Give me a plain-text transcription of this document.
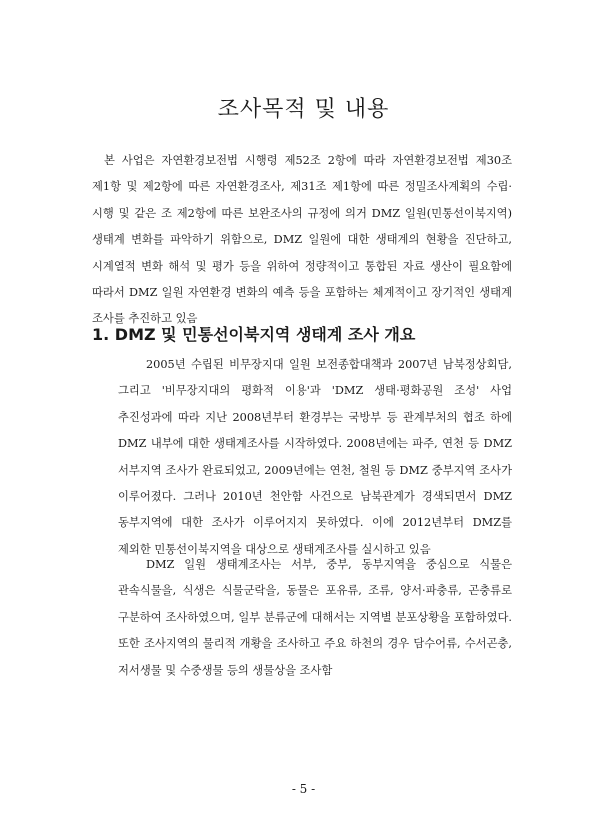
조사목적 및 내용
본 사업은 자연환경보전법 시행령 제52조 2항에 따라 자연환경보전법 제30조 제1항 및 제2항에 따른 자연환경조사, 제31조 제1항에 따른 정밀조사계획의 수립·시행 및 같은 조 제2항에 따른 보완조사의 규정에 의거 DMZ 일원(민통선이북지역) 생태계 변화를 파악하기 위함으로, DMZ 일원에 대한 생태계의 현황을 진단하고, 시계열적 변화 해석 및 평가 등을 위하여 정량적이고 통합된 자료 생산이 필요함에 따라서 DMZ 일원 자연환경 변화의 예측 등을 포함하는 체계적이고 장기적인 생태계 조사를 추진하고 있음
1. DMZ 및 민통선이북지역 생태계 조사 개요
2005년 수립된 비무장지대 일원 보전종합대책과 2007년 남북정상회담, 그리고 '비무장지대의 평화적 이용'과 'DMZ 생태·평화공원 조성' 사업 추진성과에 따라 지난 2008년부터 환경부는 국방부 등 관계부처의 협조 하에 DMZ 내부에 대한 생태계조사를 시작하였다. 2008년에는 파주, 연천 등 DMZ 서부지역 조사가 완료되었고, 2009년에는 연천, 철원 등 DMZ 중부지역 조사가 이루어졌다. 그러나 2010년 천안함 사건으로 남북관계가 경색되면서 DMZ 동부지역에 대한 조사가 이루어지지 못하였다. 이에 2012년부터 DMZ를 제외한 민통선이북지역을 대상으로 생태계조사를 실시하고 있음
DMZ 일원 생태계조사는 서부, 중부, 동부지역을 중심으로 식물은 관속식물을, 식생은 식물군락을, 동물은 포유류, 조류, 양서·파충류, 곤충류로 구분하여 조사하였으며, 일부 분류군에 대해서는 지역별 분포상황을 포함하였다. 또한 조사지역의 물리적 개황을 조사하고 주요 하천의 경우 담수어류, 수서곤충, 저서생물 및 수중생물 등의 생물상을 조사함
- 5 -
